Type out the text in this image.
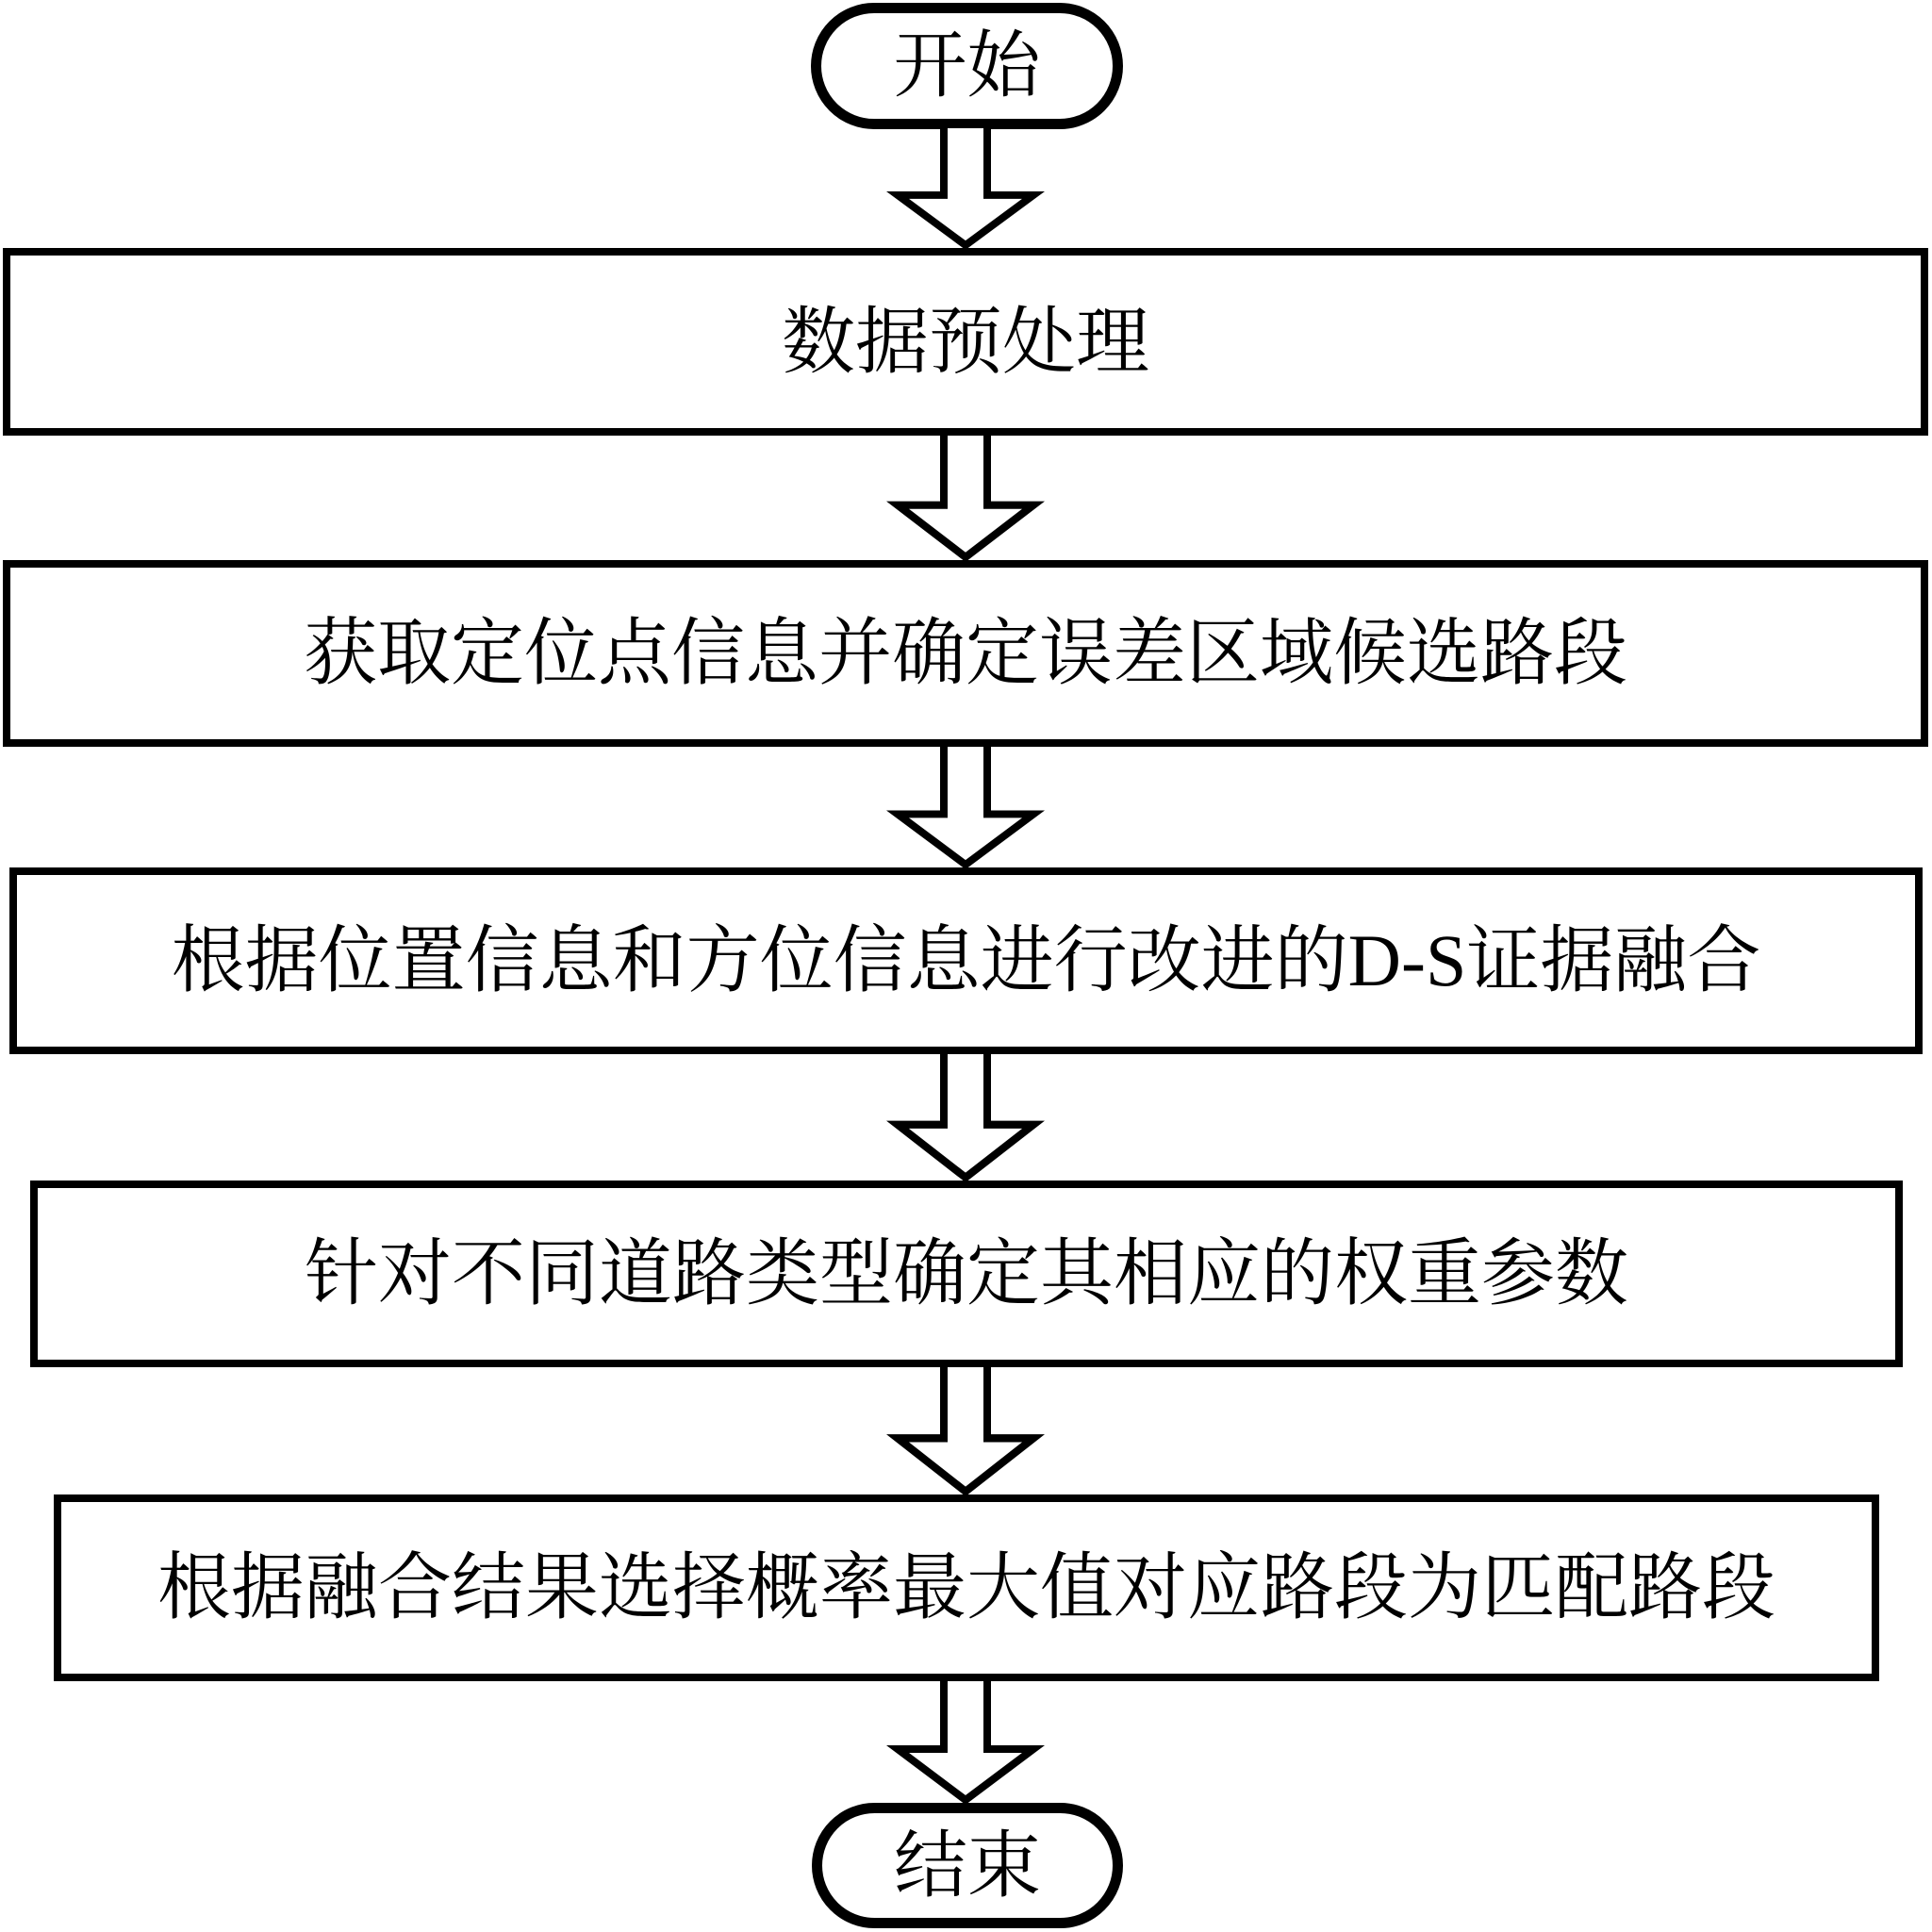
开始
数据预处理
获取定位点信息并确定误差区域候选路段
根据位置信息和方位信息进行改进的D-S证据融合
针对不同道路类型确定其相应的权重参数
根据融合结果选择概率最大值对应路段为匹配路段
结束
